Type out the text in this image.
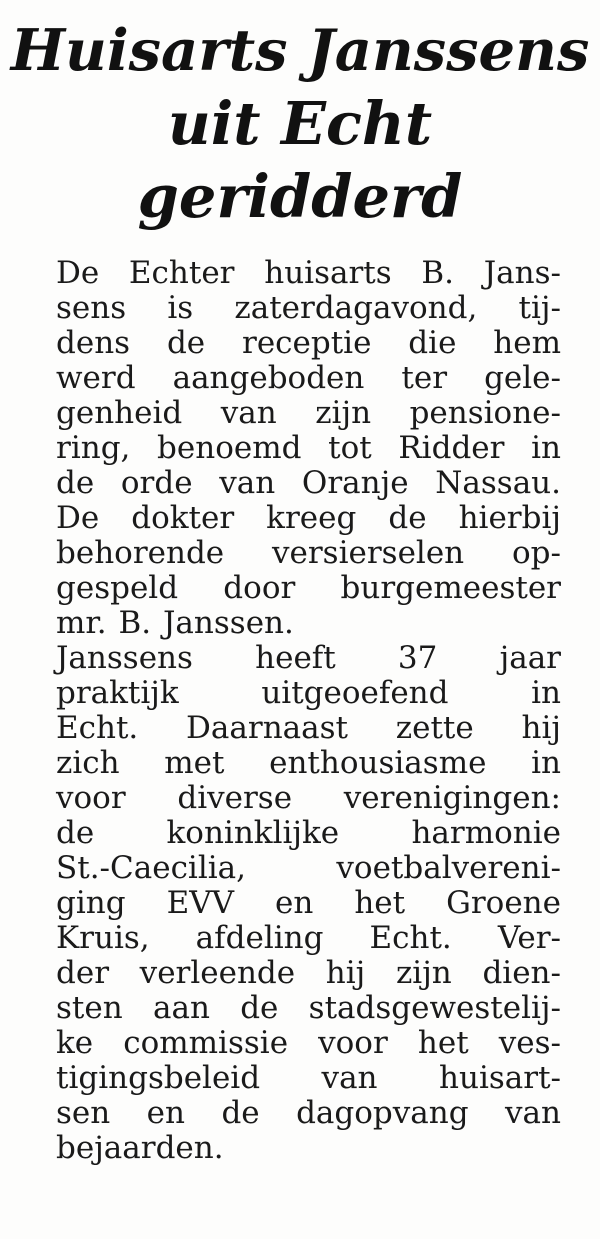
Huisarts Janssens
uit Echt
geridderd
De Echter huisarts B. Jans-
sens is zaterdagavond, tij-
dens de receptie die hem
werd aangeboden ter gele-
genheid van zijn pensione-
ring, benoemd tot Ridder in
de orde van Oranje Nassau.
De dokter kreeg de hierbij
behorende versierselen op-
gespeld door burgemeester
mr. B. Janssen.
Janssens heeft 37 jaar
praktijk uitgeoefend in
Echt. Daarnaast zette hij
zich met enthousiasme in
voor diverse verenigingen:
de koninklijke harmonie
St.-Caecilia, voetbalvereni-
ging EVV en het Groene
Kruis, afdeling Echt. Ver-
der verleende hij zijn dien-
sten aan de stadsgewestelij-
ke commissie voor het ves-
tigingsbeleid van huisart-
sen en de dagopvang van
bejaarden.
